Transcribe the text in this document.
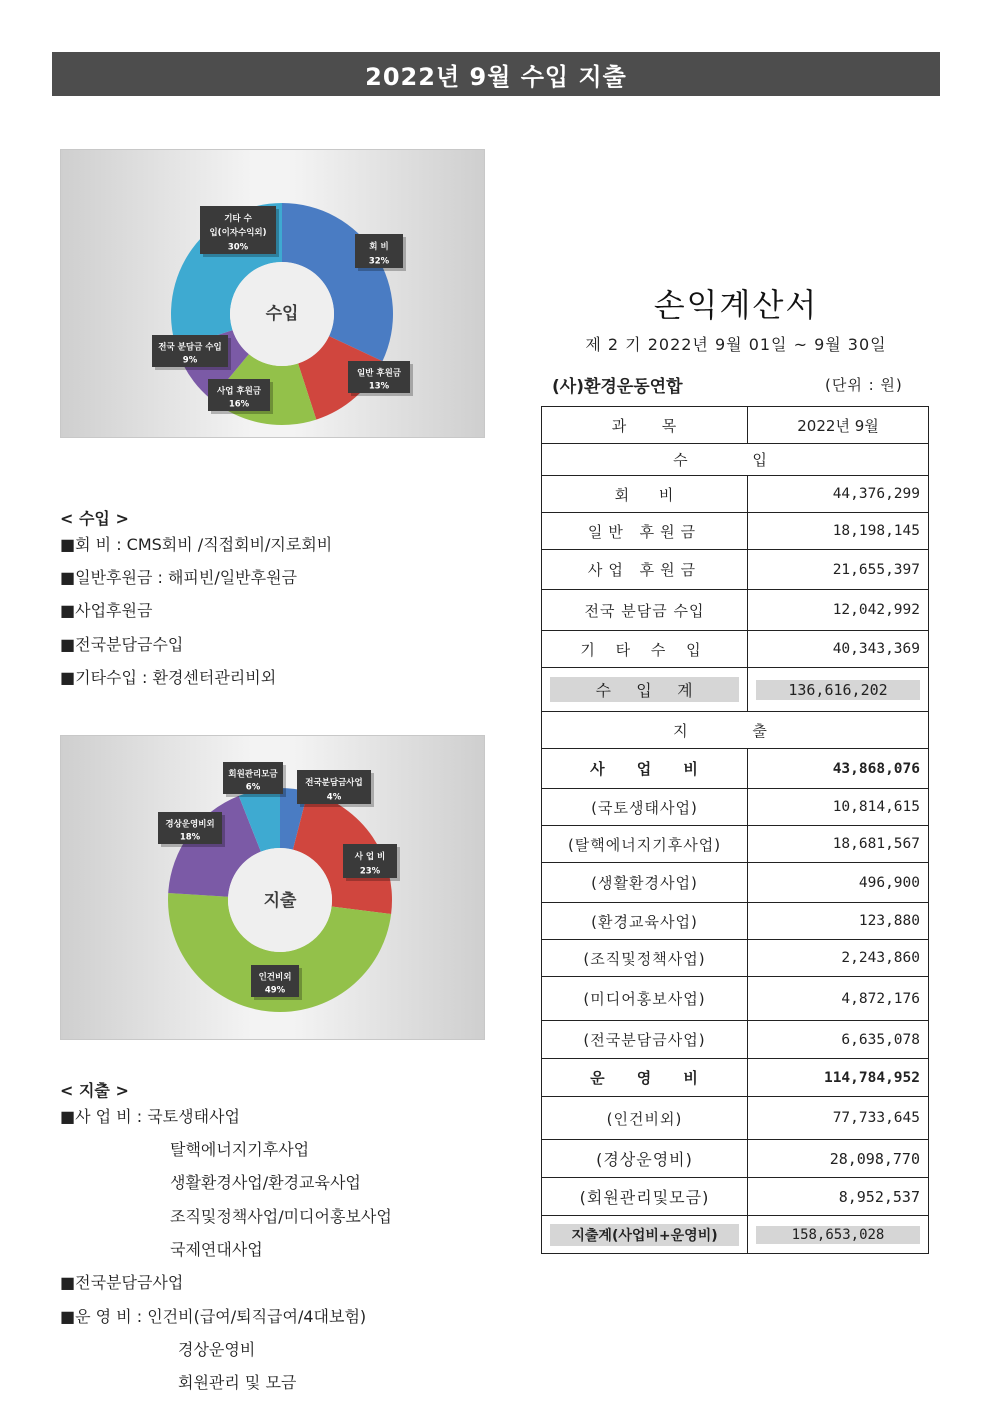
2022년 9월 수입 지출
수입
회 비
32%
일반 후원금
13%
사업 후원금
16%
전국 분담금 수입
9%
기타 수
입(이자수익외)
30%
< 수입 >
■회 비 : CMS회비 /직접회비/지로회비
■일반후원금 : 해피빈/일반후원금
■사업후원금
■전국분담금수입
■기타수입 : 환경센터관리비외
지출
전국분담금사업
4%
사 업 비
23%
인건비외
49%
경상운영비외
18%
회원관리모금
6%
< 지출 >
■사 업 비 : 국토생태사업
탈핵에너지기후사업
생활환경사업/환경교육사업
조직및정책사업/미디어홍보사업
국제연대사업
■전국분담금사업
■운 영 비 : 인건비(급여/퇴직급여/4대보험)
경상운영비
회원관리 및 모금
손익계산서
제 2 기 2022년 9월 01일 ~ 9월 30일
(사)환경운동연합	(단위 : 원)
과      목	2022년 9월
수 입	
회     비	44,376,299
일반 후원금	18,198,145
사업 후원금	21,655,397
전국 분담금 수입	12,042,992
기 타 수 입	40,343,369

수    입    계	136,616,202

지 출	
사     업     비	43,868,076
(국토생태사업)	10,814,615
(탈핵에너지기후사업)	18,681,567
(생활환경사업)	496,900
(환경교육사업)	123,880
(조직및정책사업)	2,243,860
(미디어홍보사업)	4,872,176
(전국분담금사업)	6,635,078
운     영     비	114,784,952
(인건비외)	77,733,645
(경상운영비)	28,098,770
(회원관리및모금)	8,952,537

지출계(사업비+운영비)	158,653,028
